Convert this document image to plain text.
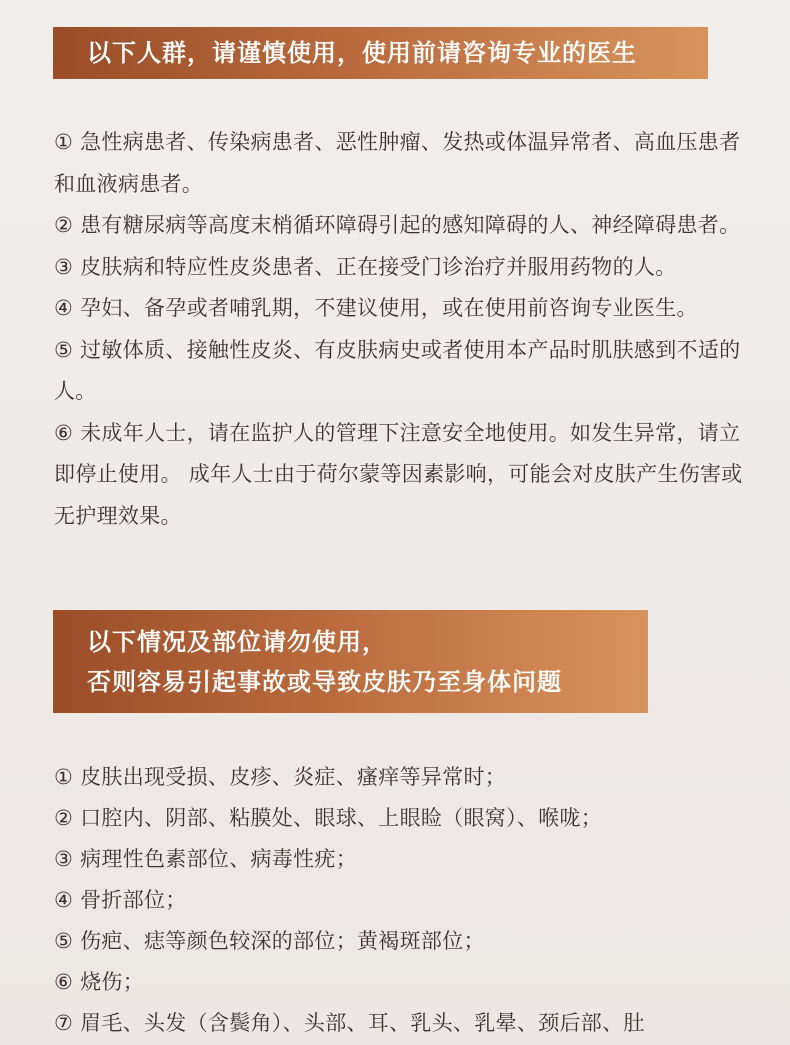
以下人群，请谨慎使用，使用前请咨询专业的医生
① 急性病患者、传染病患者、恶性肿瘤、发热或体温异常者、高血压患者和血液病患者。
② 患有糖尿病等高度末梢循环障碍引起的感知障碍的人、神经障碍患者。
③ 皮肤病和特应性皮炎患者、正在接受门诊治疗并服用药物的人。
④ 孕妇、备孕或者哺乳期，不建议使用，或在使用前咨询专业医生。
⑤ 过敏体质、接触性皮炎、有皮肤病史或者使用本产品时肌肤感到不适的人。
⑥ 未成年人士，请在监护人的管理下注意安全地使用。如发生异常，请立即停止使用。 成年人士由于荷尔蒙等因素影响，可能会对皮肤产生伤害或无护理效果。
以下情况及部位请勿使用，
否则容易引起事故或导致皮肤乃至身体问题
① 皮肤出现受损、皮疹、炎症、瘙痒等异常时；
② 口腔内、阴部、粘膜处、眼球、上眼睑（眼窝）、喉咙；
③ 病理性色素部位、病毒性疣；
④ 骨折部位；
⑤ 伤疤、痣等颜色较深的部位；黄褐斑部位；
⑥ 烧伤；
⑦ 眉毛、头发（含鬓角）、头部、耳、乳头、乳晕、颈后部、肚
